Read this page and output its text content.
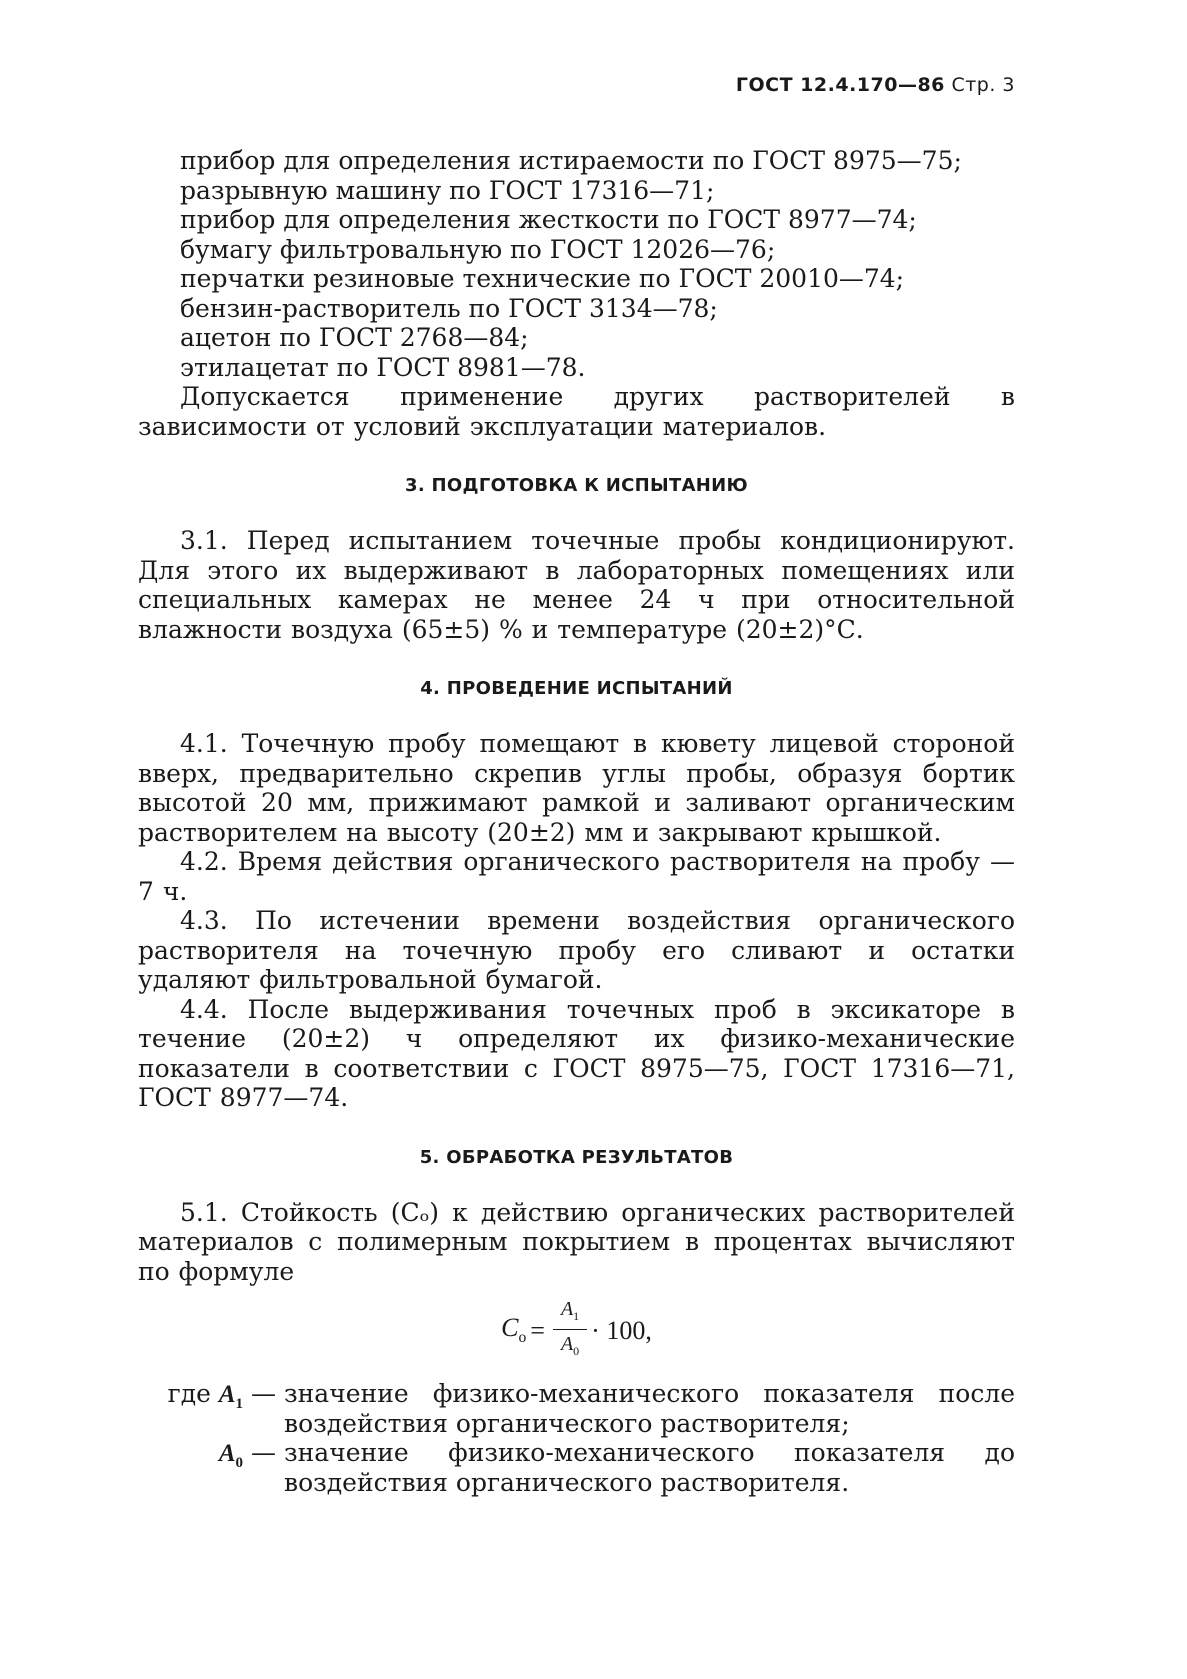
ГОСТ 12.4.170—86 Стр. 3
прибор для определения истираемости по ГОСТ 8975—75;
разрывную машину по ГОСТ 17316—71;
прибор для определения жесткости по ГОСТ 8977—74;
бумагу фильтровальную по ГОСТ 12026—76;
перчатки резиновые технические по ГОСТ 20010—74;
бензин-растворитель по ГОСТ 3134—78;
ацетон по ГОСТ 2768—84;
этилацетат по ГОСТ 8981—78.

Допускается применение других растворителей в зависимости от условий эксплуатации материалов.

3. ПОДГОТОВКА К ИСПЫТАНИЮ

3.1. Перед испытанием точечные пробы кондиционируют. Для этого их выдерживают в лабораторных помещениях или специальных камерах не менее 24 ч при относительной влажности воздуха (65±5) % и температуре (20±2)°С.

4. ПРОВЕДЕНИЕ ИСПЫТАНИЙ

4.1. Точечную пробу помещают в кювету лицевой стороной вверх, предварительно скрепив углы пробы, образуя бортик высотой 20 мм, прижимают рамкой и заливают органическим растворителем на высоту (20±2) мм и закрывают крышкой.

4.2. Время действия органического растворителя на пробу — 7 ч.

4.3. По истечении времени воздействия органического растворителя на точечную пробу его сливают и остатки удаляют фильтровальной бумагой.

4.4. После выдерживания точечных проб в эксикаторе в течение (20±2) ч определяют их физико-механические показатели в соответствии с ГОСТ 8975—75, ГОСТ 17316—71, ГОСТ 8977—74.

5. ОБРАБОТКА РЕЗУЛЬТАТОВ

5.1. Стойкость (Cₒ) к действию органических растворителей материалов с полимерным покрытием в процентах вычисляют по формуле

$C_о = \frac{A_1}{A_0} \cdot 100$,
где $A_1$ — значение физико-механического показателя после воздействия органического растворителя;
$A_0$ — значение физико-механического показателя до воздействия органического растворителя.
